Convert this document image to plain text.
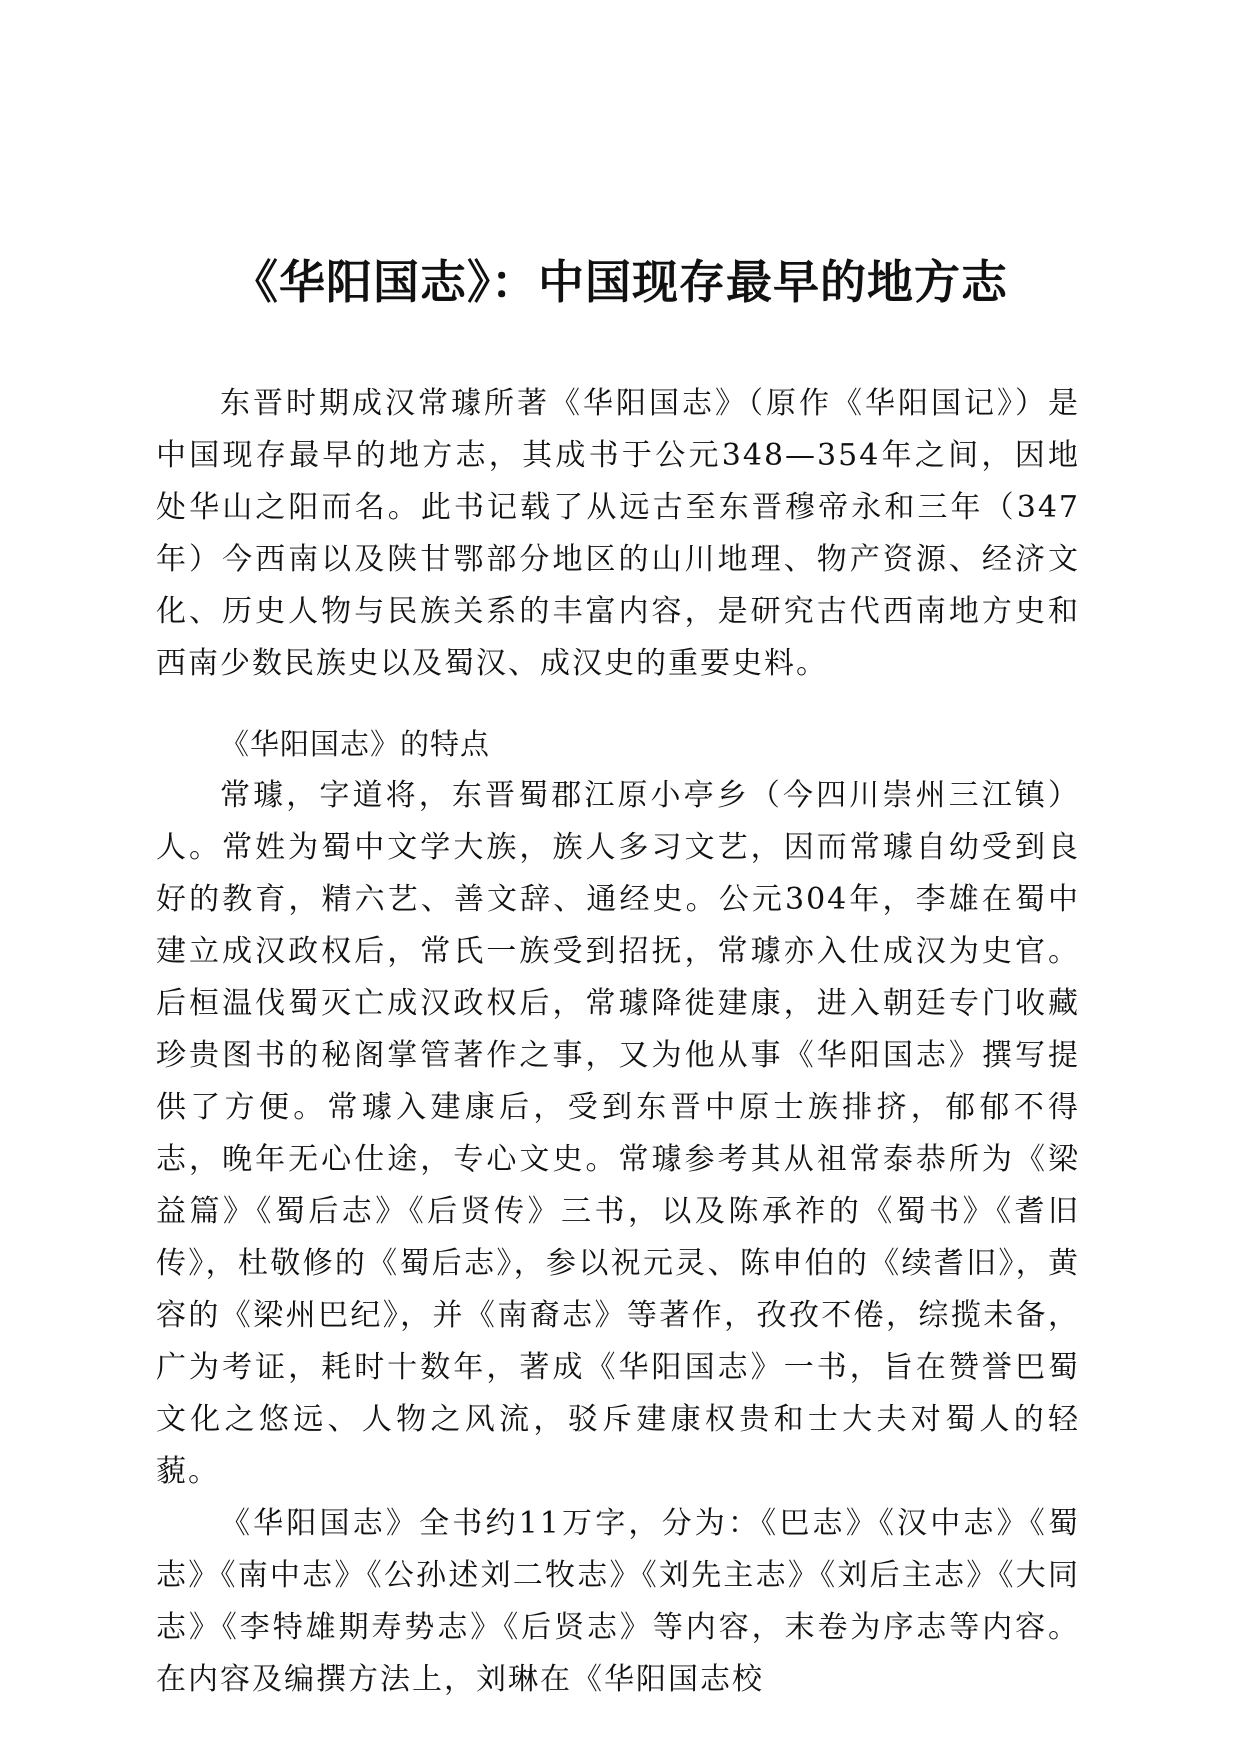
《华阳国志》：中国现存最早的地方志

东晋时期成汉常璩所著《华阳国志》（原作《华阳国记》）是中国现存最早的地方志，其成书于公元348—354年之间，因地处华山之阳而名。此书记载了从远古至东晋穆帝永和三年（347年）今西南以及陕甘鄂部分地区的山川地理、物产资源、经济文化、历史人物与民族关系的丰富内容，是研究古代西南地方史和西南少数民族史以及蜀汉、成汉史的重要史料。

《华阳国志》的特点

常璩，字道将，东晋蜀郡江原小亭乡（今四川崇州三江镇）人。常姓为蜀中文学大族，族人多习文艺，因而常璩自幼受到良好的教育，精六艺、善文辞、通经史。公元304年，李雄在蜀中建立成汉政权后，常氏一族受到招抚，常璩亦入仕成汉为史官。后桓温伐蜀灭亡成汉政权后，常璩降徙建康，进入朝廷专门收藏珍贵图书的秘阁掌管著作之事，又为他从事《华阳国志》撰写提供了方便。常璩入建康后，受到东晋中原士族排挤，郁郁不得志，晚年无心仕途，专心文史。常璩参考其从祖常泰恭所为《梁益篇》《蜀后志》《后贤传》三书，以及陈承祚的《蜀书》《耆旧传》，杜敬修的《蜀后志》，参以祝元灵、陈申伯的《续耆旧》，黄容的《梁州巴纪》，并《南裔志》等著作，孜孜不倦，综揽未备，广为考证，耗时十数年，著成《华阳国志》一书，旨在赞誉巴蜀文化之悠远、人物之风流，驳斥建康权贵和士大夫对蜀人的轻藐。

《华阳国志》全书约11万字，分为：《巴志》《汉中志》《蜀志》《南中志》《公孙述刘二牧志》《刘先主志》《刘后主志》《大同志》《李特雄期寿势志》《后贤志》等内容，末卷为序志等内容。在内容及编撰方法上，刘琳在《华阳国志校
